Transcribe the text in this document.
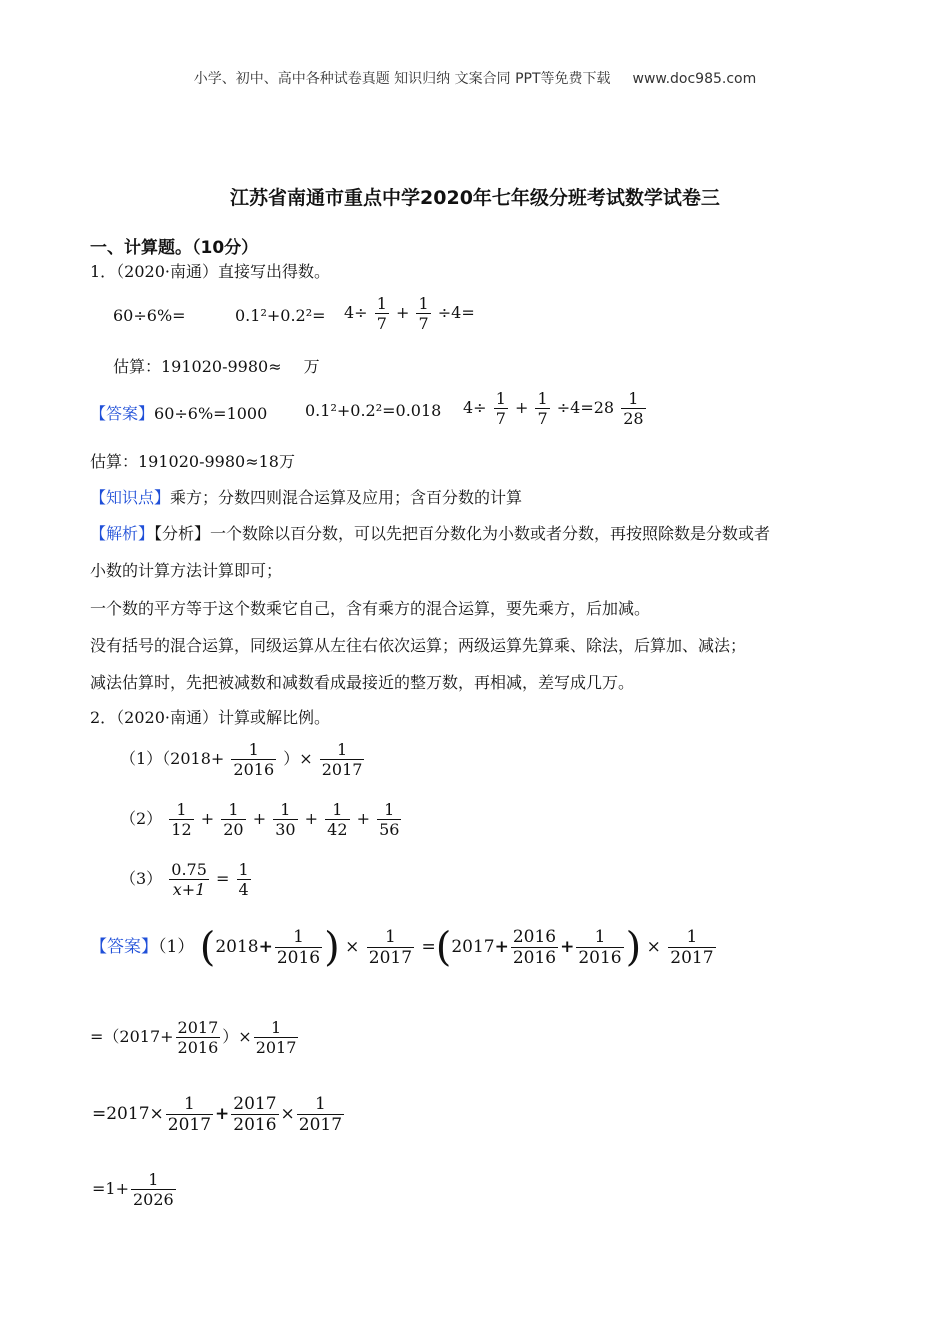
小学、初中、高中各种试卷真题 知识归纳 文案合同 PPT等免费下载 www.doc985.com
江苏省南通市重点中学2020年七年级分班考试数学试卷三
一、计算题。（10分）
1．（2020·南通）直接写出得数。
60÷6%=	$0.1^2+0.2^2= 4\div \frac{1}{7} + \frac{1}{7} \div 4=$
估算：191020-9980≈ 万
【答案】60÷6%=1000 0.1²+0.2²=0.018 $4\div \frac{1}{7} + \frac{1}{7} \div 4=28 \frac{1}{28}$
估算：191020-9980≈18万
【知识点】乘方；分数四则混合运算及应用；含百分数的计算
【解析】【分析】一个数除以百分数，可以先把百分数化为小数或者分数，再按照除数是分数或者
小数的计算方法计算即可；
一个数的平方等于这个数乘它自己，含有乘方的混合运算，要先乘方，后加减。
没有括号的混合运算，同级运算从左往右依次运算；两级运算先算乘、除法，后算加、减法；
减法估算时，先把被减数和减数看成最接近的整万数，再相减，差写成几万。
2．（2020·南通）计算或解比例。
$(1)(2018+ \frac{1}{2016}$ ）× $\frac{1}{2017}$
$(2) \frac{1}{12} + \frac{1}{20} + \frac{1}{30} + \frac{1}{42} + \frac{1}{56}$
$(3) \frac{0.75}{x+1} = \frac{1}{4}$
【答案】（1） ($2018+ \frac{1}{2016}$ ) × $\frac{1}{2017} =(2017+ \frac{2016}{2016} + \frac{1}{2016}$ ) × $\frac{1}{2017}$
$=(2017+ \frac{2017}{2016}$ ）× $\frac{1}{2017}$
$=2017\times \frac{1}{2017} + \frac{2017}{2016} \times \frac{1}{2017}$
$=1+ \frac{1}{2026}$
